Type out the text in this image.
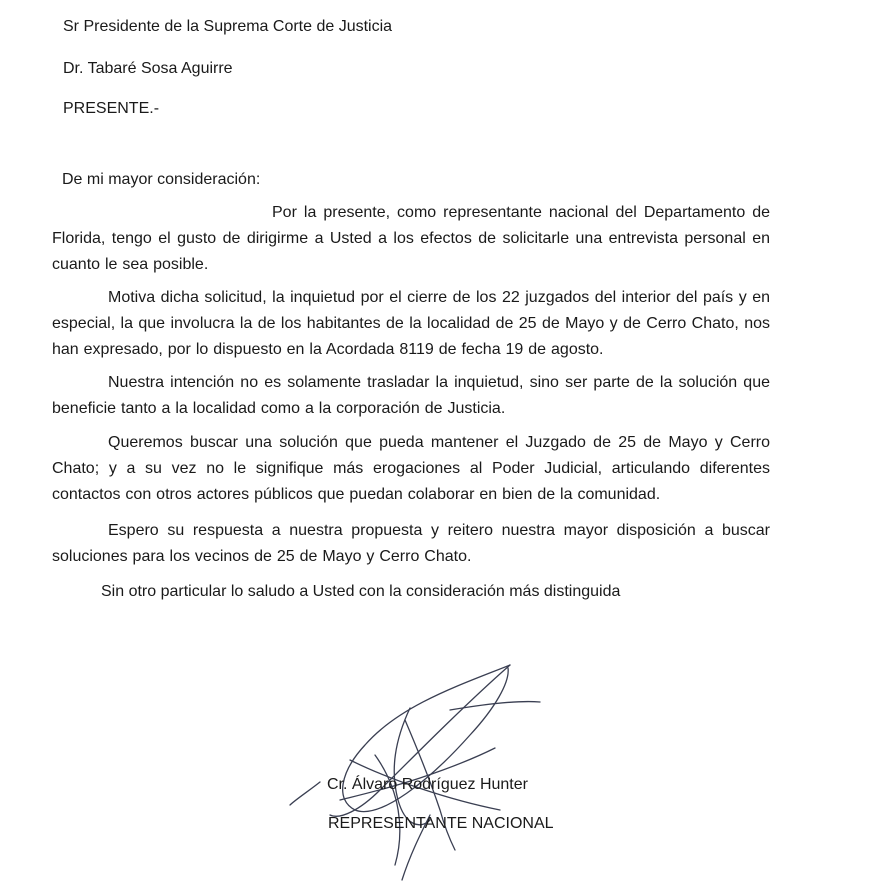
Sr Presidente de la Suprema Corte de Justicia
Dr. Tabaré Sosa Aguirre
PRESENTE.-
De mi mayor consideración:
Por la presente, como representante nacional del Departamento de Florida, tengo el gusto de dirigirme a Usted a los efectos de solicitarle una entrevista personal en cuanto le sea posible.
Motiva dicha solicitud, la inquietud por el cierre de los 22 juzgados del interior del país y en especial, la que involucra la de los habitantes de la localidad de 25 de Mayo y de Cerro Chato, nos han expresado, por lo dispuesto en la Acordada 8119 de fecha 19 de agosto.
Nuestra intención no es solamente trasladar la inquietud, sino ser parte de la solución que beneficie tanto a la localidad como a la corporación de Justicia.
Queremos buscar una solución que pueda mantener el Juzgado de 25 de Mayo y Cerro Chato; y a su vez no le signifique más erogaciones al Poder Judicial, articulando diferentes contactos con otros actores públicos que puedan colaborar en bien de la comunidad.
Espero su respuesta a nuestra propuesta y reitero nuestra mayor disposición a buscar soluciones para los vecinos de 25 de Mayo y Cerro Chato.
Sin otro particular lo saludo a Usted con la consideración más distinguida
Cr. Álvaro Rodríguez Hunter
REPRESENTANTE NACIONAL
